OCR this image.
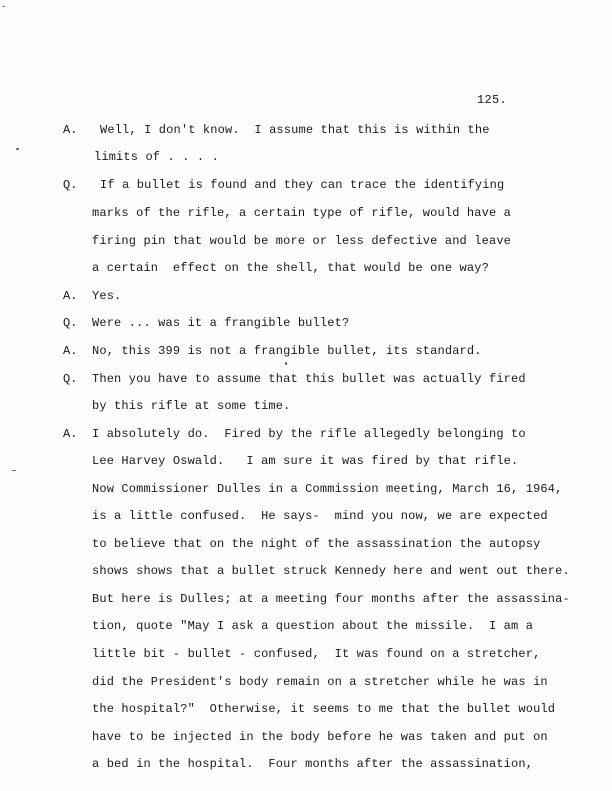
125.
A. Well, I don't know.  I assume that this is within the
limits of . . . .
Q. If a bullet is found and they can trace the identifying
marks of the rifle, a certain type of rifle, would have a
firing pin that would be more or less defective and leave
a certain  effect on the shell, that would be one way?
A. Yes.
Q. Were ... was it a frangible bullet?
A. No, this 399 is not a frangible bullet, its standard.
Q. Then you have to assume that this bullet was actually fired
by this rifle at some time.
A. I absolutely do.  Fired by the rifle allegedly belonging to
Lee Harvey Oswald.   I am sure it was fired by that rifle.
Now Commissioner Dulles in a Commission meeting, March 16, 1964,
is a little confused.  He says-  mind you now, we are expected
to believe that on the night of the assassination the autopsy
shows shows that a bullet struck Kennedy here and went out there.
But here is Dulles; at a meeting four months after the assassina-
tion, quote "May I ask a question about the missile.  I am a
little bit - bullet - confused,  It was found on a stretcher,
did the President's body remain on a stretcher while he was in
the hospital?"  Otherwise, it seems to me that the bullet would
have to be injected in the body before he was taken and put on
a bed in the hospital.  Four months after the assassination,
